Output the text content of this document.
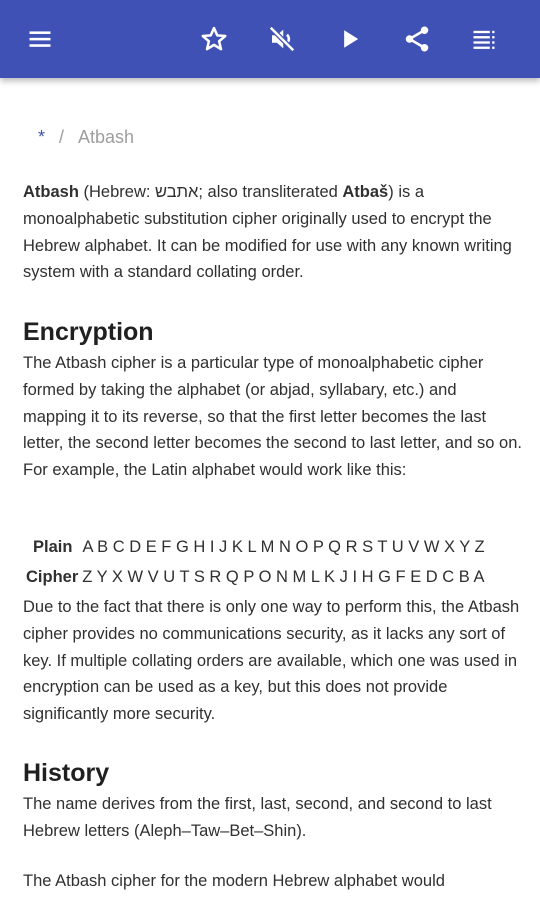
* / Atbash
Atbash (Hebrew: אתבש; also transliterated Atbaš) is a monoalphabetic substitution cipher originally used to encrypt the Hebrew alphabet. It can be modified for use with any known writing system with a standard collating order.
Encryption
The Atbash cipher is a particular type of monoalphabetic cipher formed by taking the alphabet (or abjad, syllabary, etc.) and mapping it to its reverse, so that the first letter becomes the last letter, the second letter becomes the second to last letter, and so on. For example, the Latin alphabet would work like this:
Plain A B C D E F G H I J K L M N O P Q R S T U V W X Y Z
Cipher Z Y X W V U T S R Q P O N M L K J I H G F E D C B A
Due to the fact that there is only one way to perform this, the Atbash cipher provides no communications security, as it lacks any sort of key. If multiple collating orders are available, which one was used in encryption can be used as a key, but this does not provide significantly more security.
History
The name derives from the first, last, second, and second to last Hebrew letters (Aleph–Taw–Bet–Shin).
The Atbash cipher for the modern Hebrew alphabet would
